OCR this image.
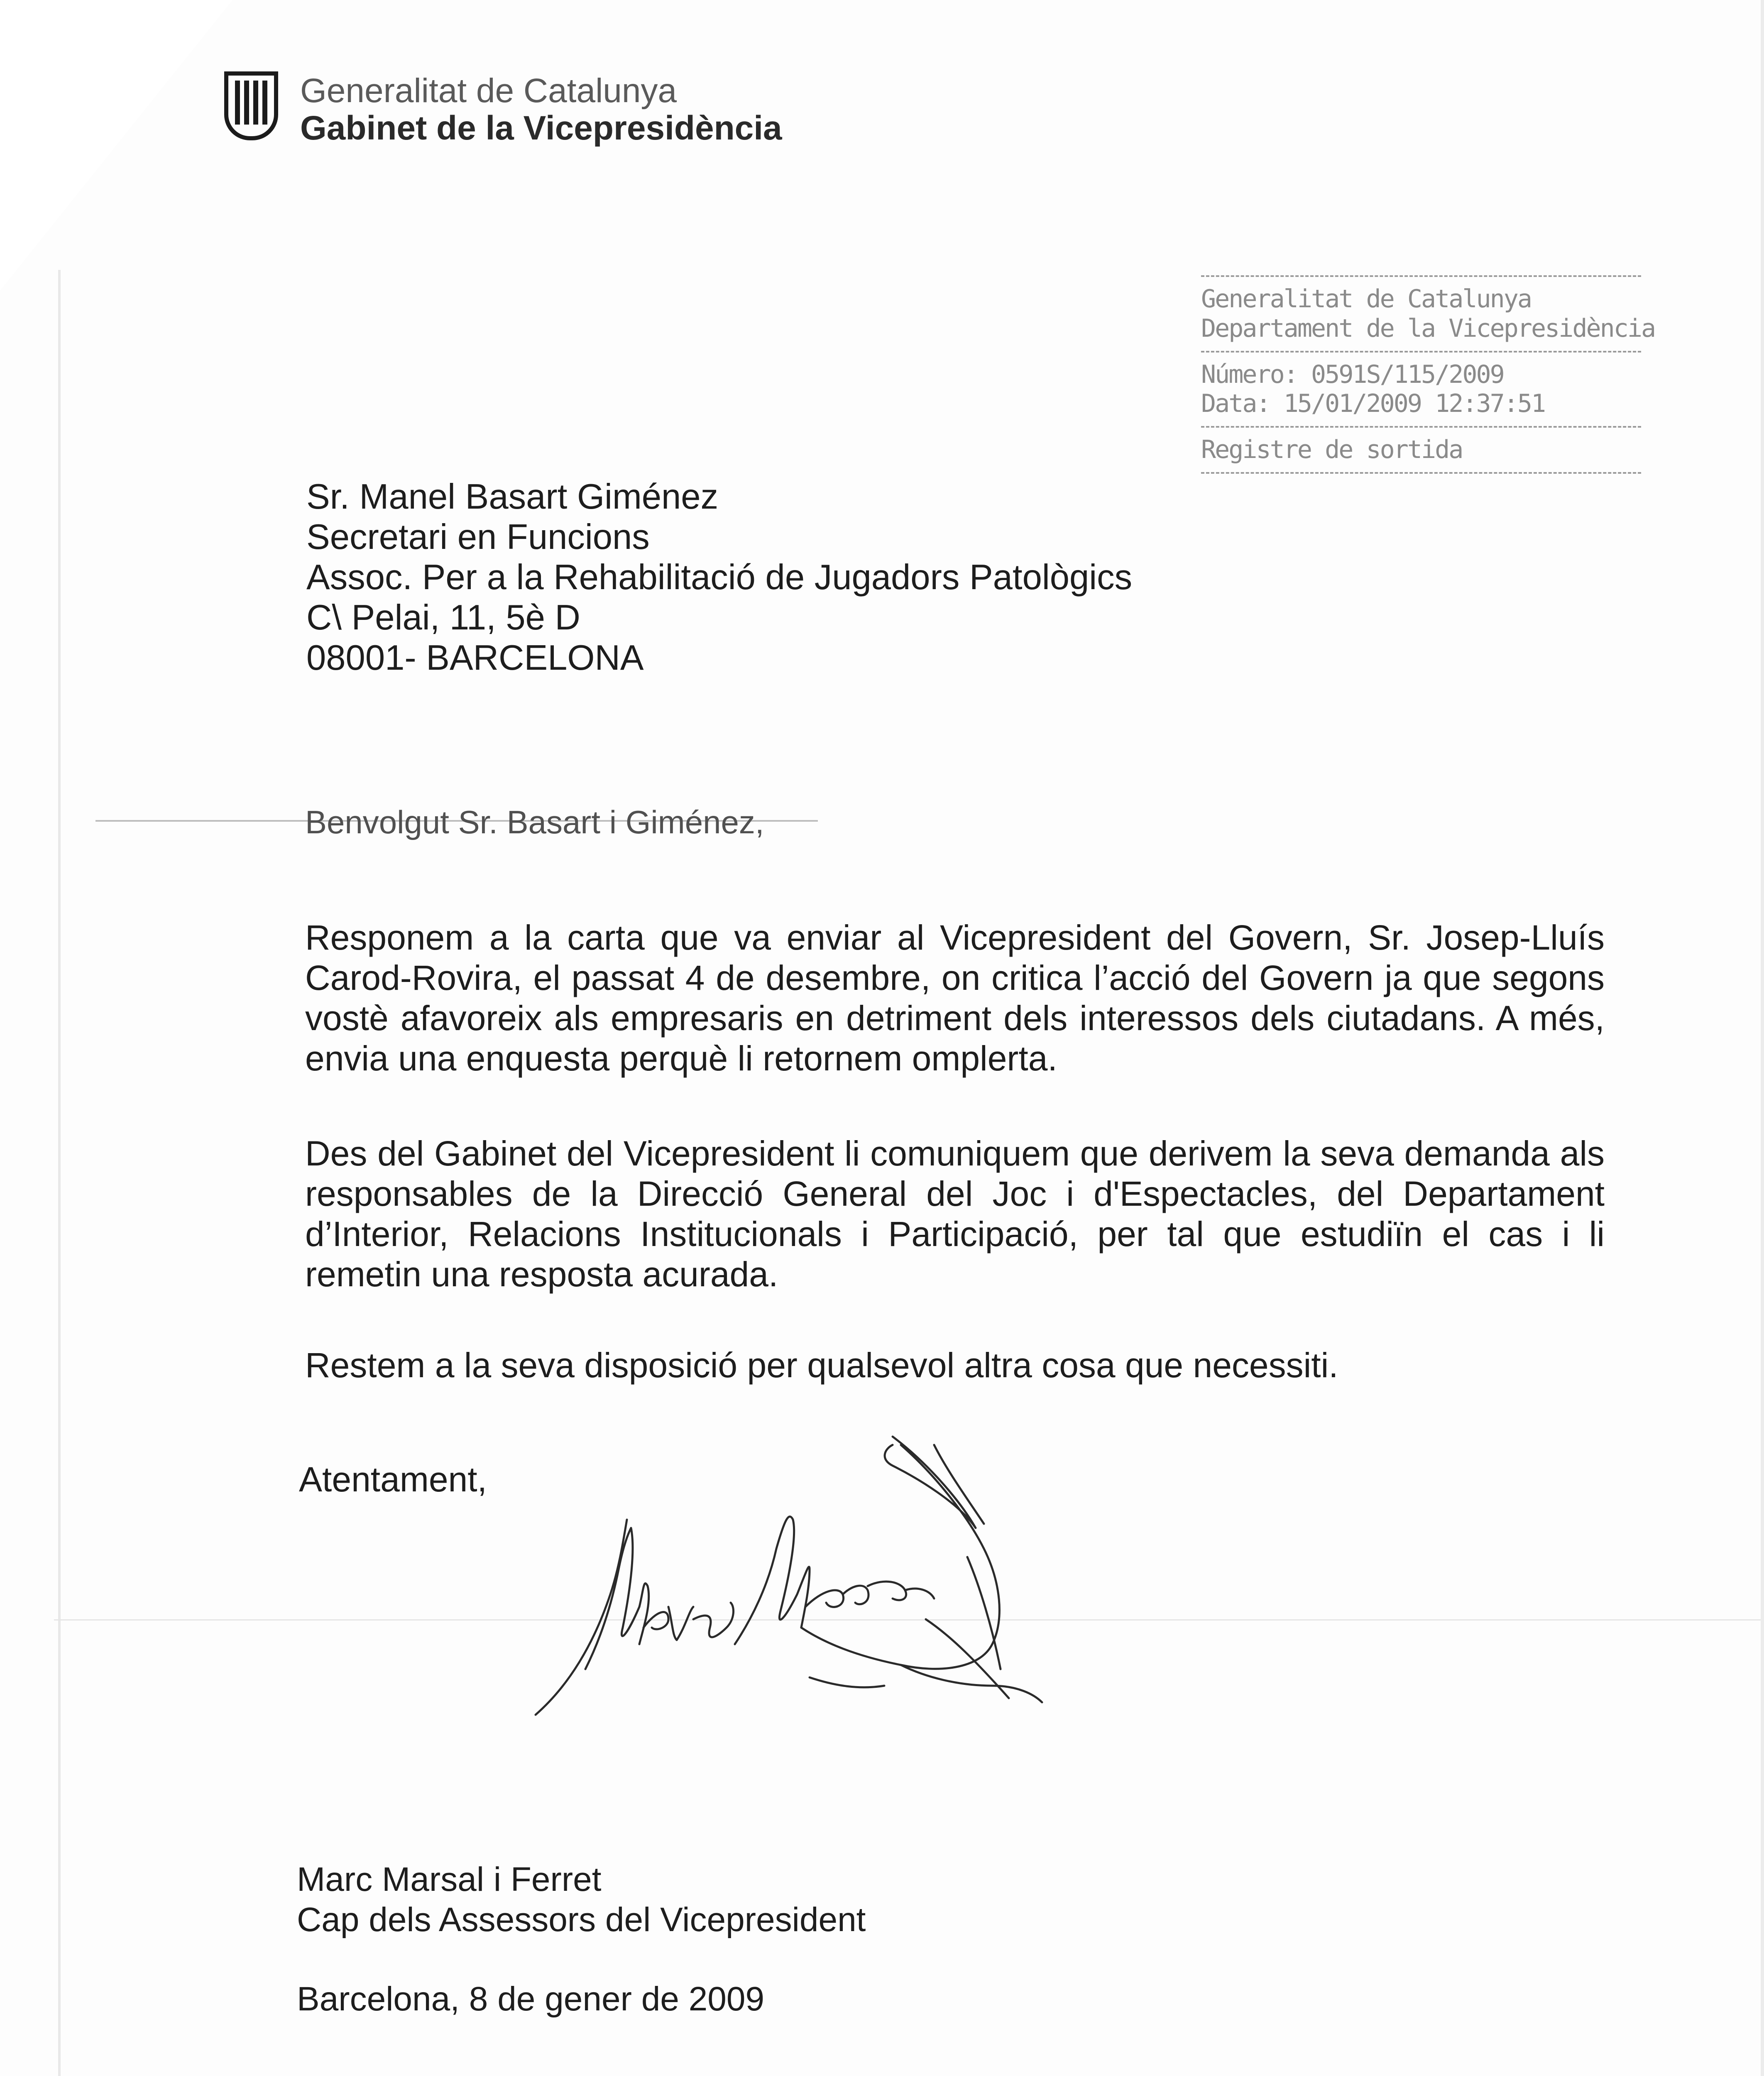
Generalitat de Catalunya
Gabinet de la Vicepresidència
Generalitat de Catalunya
Departament de la Vicepresidència
Número: 0591S/115/2009
Data: 15/01/2009 12:37:51
Registre de sortida
Sr. Manel Basart Giménez
Secretari en Funcions
Assoc. Per a la Rehabilitació de Jugadors Patològics
C\ Pelai, 11, 5è D
08001- BARCELONA
Benvolgut Sr. Basart i Giménez,
Responem a la carta que va enviar al Vicepresident del Govern, Sr. Josep-Lluís Carod-Rovira, el passat 4 de desembre, on critica l’acció del Govern ja que segons vostè afavoreix als empresaris en detriment dels interessos dels ciutadans. A més, envia una enquesta perquè li retornem omplerta.
Des del Gabinet del Vicepresident li comuniquem que derivem la seva demanda als responsables de la Direcció General del Joc i d'Espectacles, del Departament d’Interior, Relacions Institucionals i Participació, per tal que estudiïn el cas i li remetin una resposta acurada.
Restem a la seva disposició per qualsevol altra cosa que necessiti.
Atentament,
Marc Marsal i Ferret
Cap dels Assessors del Vicepresident
Barcelona, 8 de gener de 2009
